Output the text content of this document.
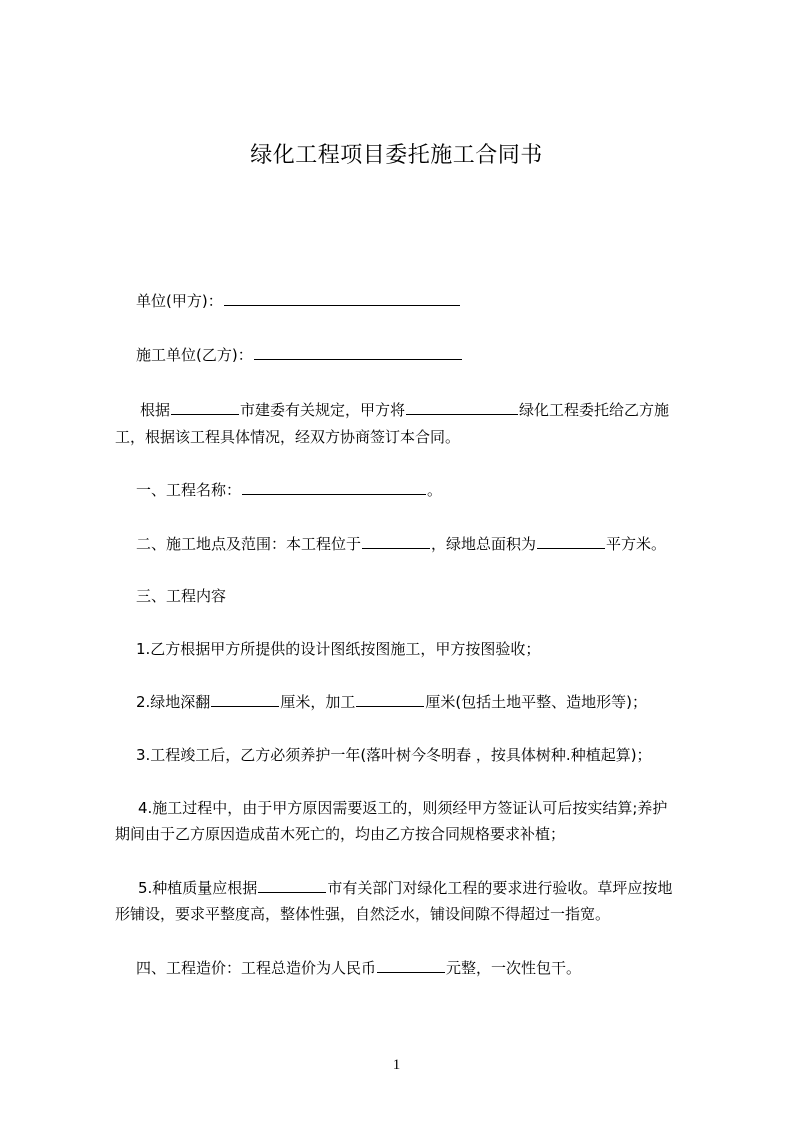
绿化工程项目委托施工合同书
单位(甲方)：
施工单位(乙方)：
根据	市建委有关规定，甲方将	绿化工程委托给乙方施
工，根据该工程具体情况，经双方协商签订本合同。
一、工程名称：	。
二、施工地点及范围：本工程位于	，绿地总面积为	平方米。
三、工程内容
1.乙方根据甲方所提供的设计图纸按图施工，甲方按图验收；
2.绿地深翻	厘米，加工	厘米(包括土地平整、造地形等)；
3.工程竣工后，乙方必须养护一年(落叶树今冬明春 ，按具体树种.种植起算)；
4.施工过程中，由于甲方原因需要返工的，则须经甲方签证认可后按实结算;养护
期间由于乙方原因造成苗木死亡的，均由乙方按合同规格要求补植；
5.种植质量应根据	市有关部门对绿化工程的要求进行验收。草坪应按地
形铺设，要求平整度高，整体性强，自然泛水，铺设间隙不得超过一指宽。
四、工程造价：工程总造价为人民币	元整，一次性包干。
1
